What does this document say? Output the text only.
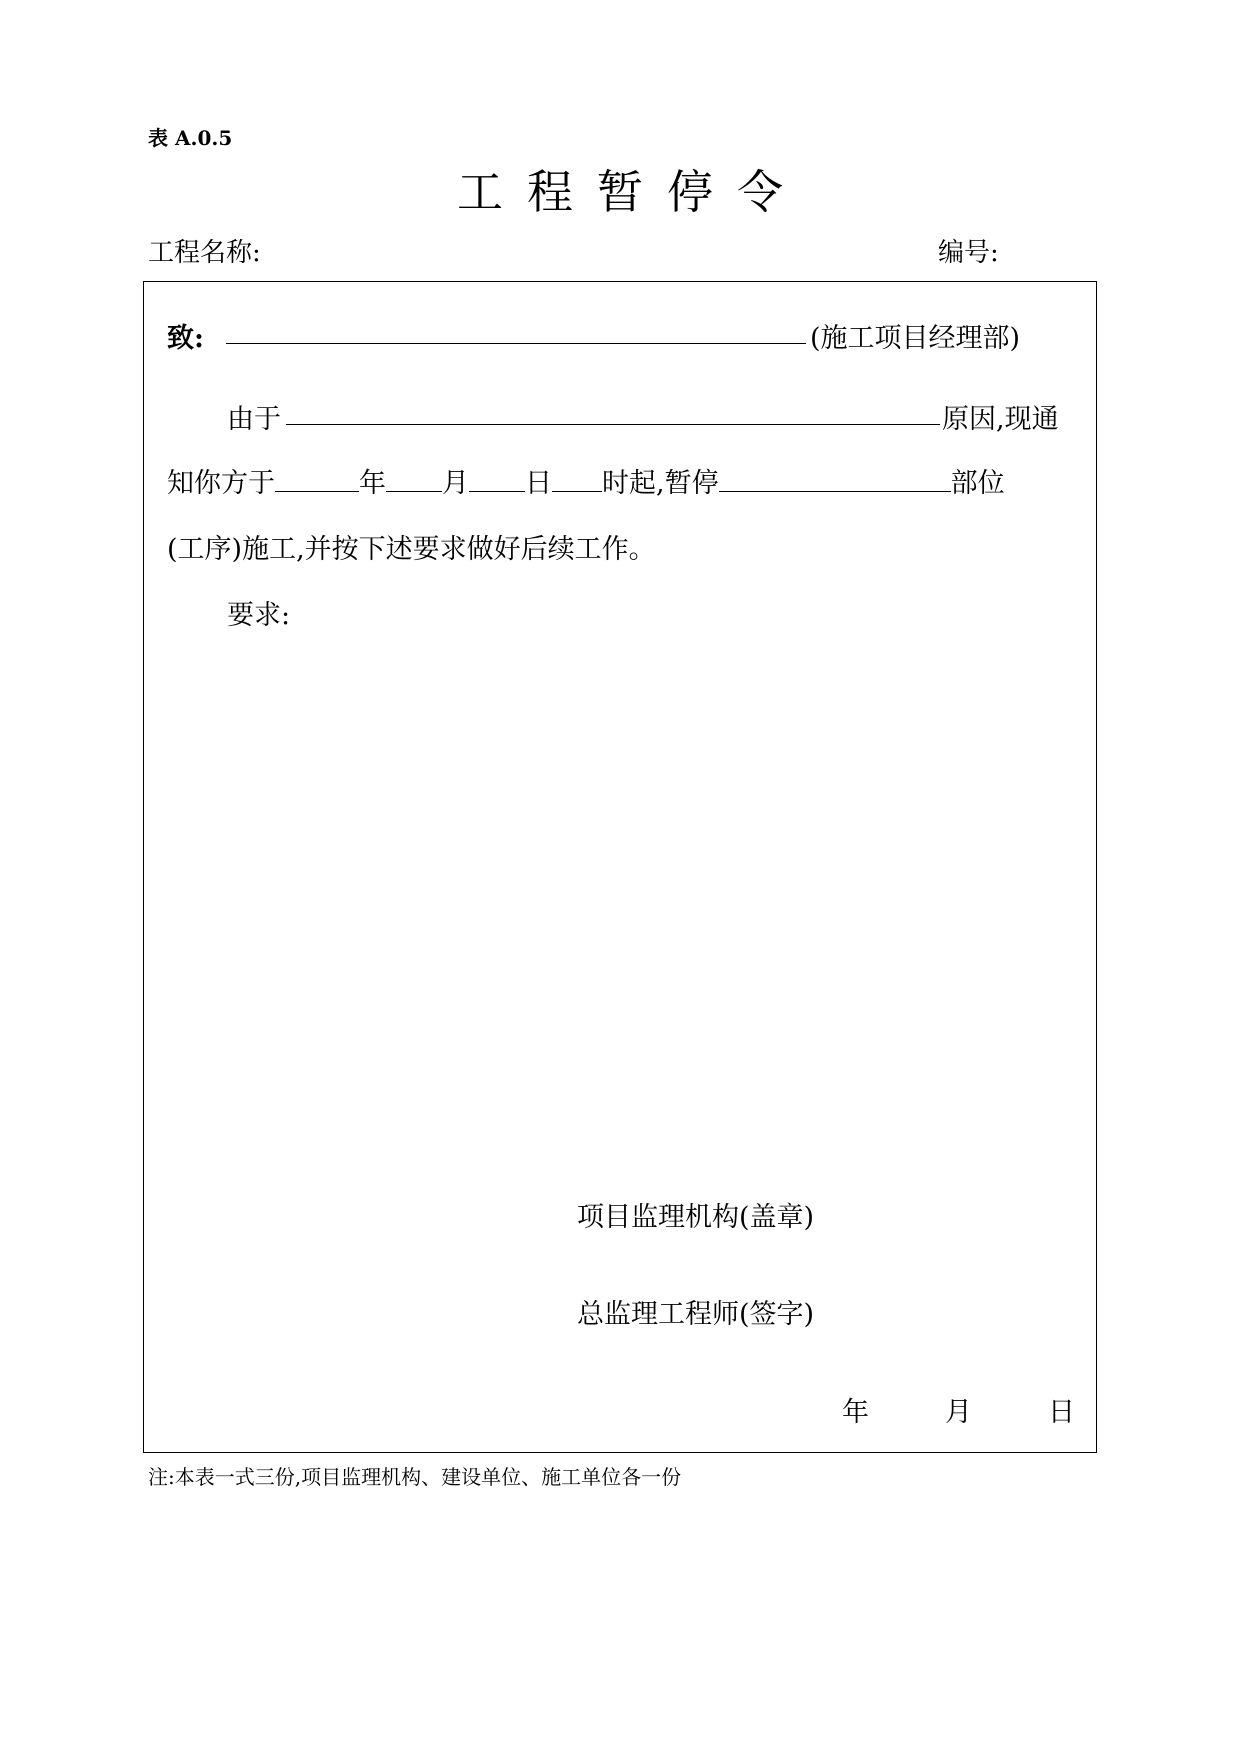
表 A.0.5
工程暂停令
工程名称:	编号:
致:	(施工项目经理部)
由于	原因,现通
知你方于	年 月 日 时起,暂停	部位
(工序)施工,并按下述要求做好后续工作。
要求:
项目监理机构(盖章)
总监理工程师(签字)
年	月	日
注:本表一式三份,项目监理机构、建设单位、施工单位各一份
